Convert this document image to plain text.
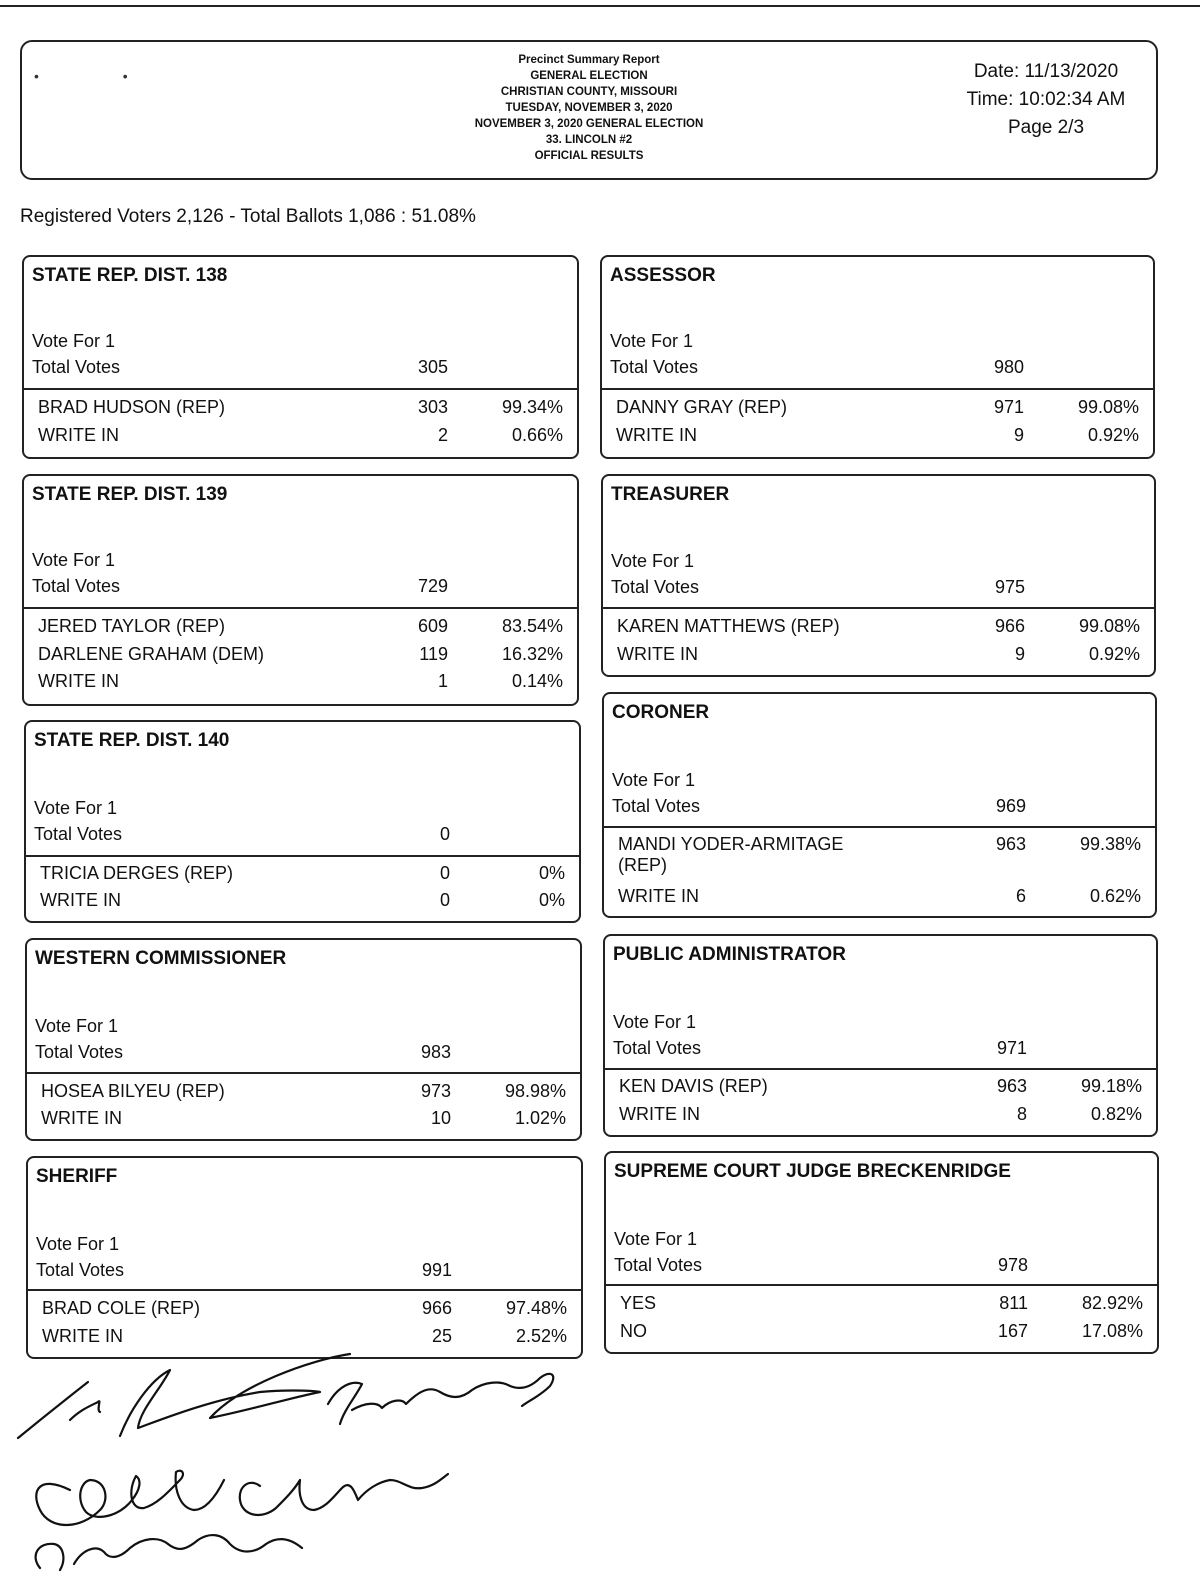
• •
Precinct Summary Report
GENERAL ELECTION
CHRISTIAN COUNTY, MISSOURI
TUESDAY, NOVEMBER 3, 2020
NOVEMBER 3, 2020 GENERAL ELECTION
33. LINCOLN #2
OFFICIAL RESULTS
Date: 11/13/2020
Time: 10:02:34 AM
Page 2/3
Registered Voters 2,126 - Total Ballots 1,086 : 51.08%
STATE REP. DIST. 138
Vote For 1
Total Votes	305
BRAD HUDSON (REP)	303	99.34%
WRITE IN	2	0.66%
STATE REP. DIST. 139
Vote For 1
Total Votes	729
JERED TAYLOR (REP)	609	83.54%
DARLENE GRAHAM (DEM)	119	16.32%
WRITE IN	1	0.14%
STATE REP. DIST. 140
Vote For 1
Total Votes	0
TRICIA DERGES (REP)	0	0%
WRITE IN	0	0%
WESTERN COMMISSIONER
Vote For 1
Total Votes	983
HOSEA BILYEU (REP)	973	98.98%
WRITE IN	10	1.02%
SHERIFF
Vote For 1
Total Votes	991
BRAD COLE (REP)	966	97.48%
WRITE IN	25	2.52%
ASSESSOR
Vote For 1
Total Votes	980
DANNY GRAY (REP)	971	99.08%
WRITE IN	9	0.92%
TREASURER
Vote For 1
Total Votes	975
KAREN MATTHEWS (REP)	966	99.08%
WRITE IN	9	0.92%
CORONER
Vote For 1
Total Votes	969
MANDI YODER-ARMITAGE
(REP)
963	99.38%
WRITE IN	6	0.62%
PUBLIC ADMINISTRATOR
Vote For 1
Total Votes	971
KEN DAVIS (REP)	963	99.18%
WRITE IN	8	0.82%
SUPREME COURT JUDGE BRECKENRIDGE
Vote For 1
Total Votes	978
YES	811	82.92%
NO	167	17.08%
